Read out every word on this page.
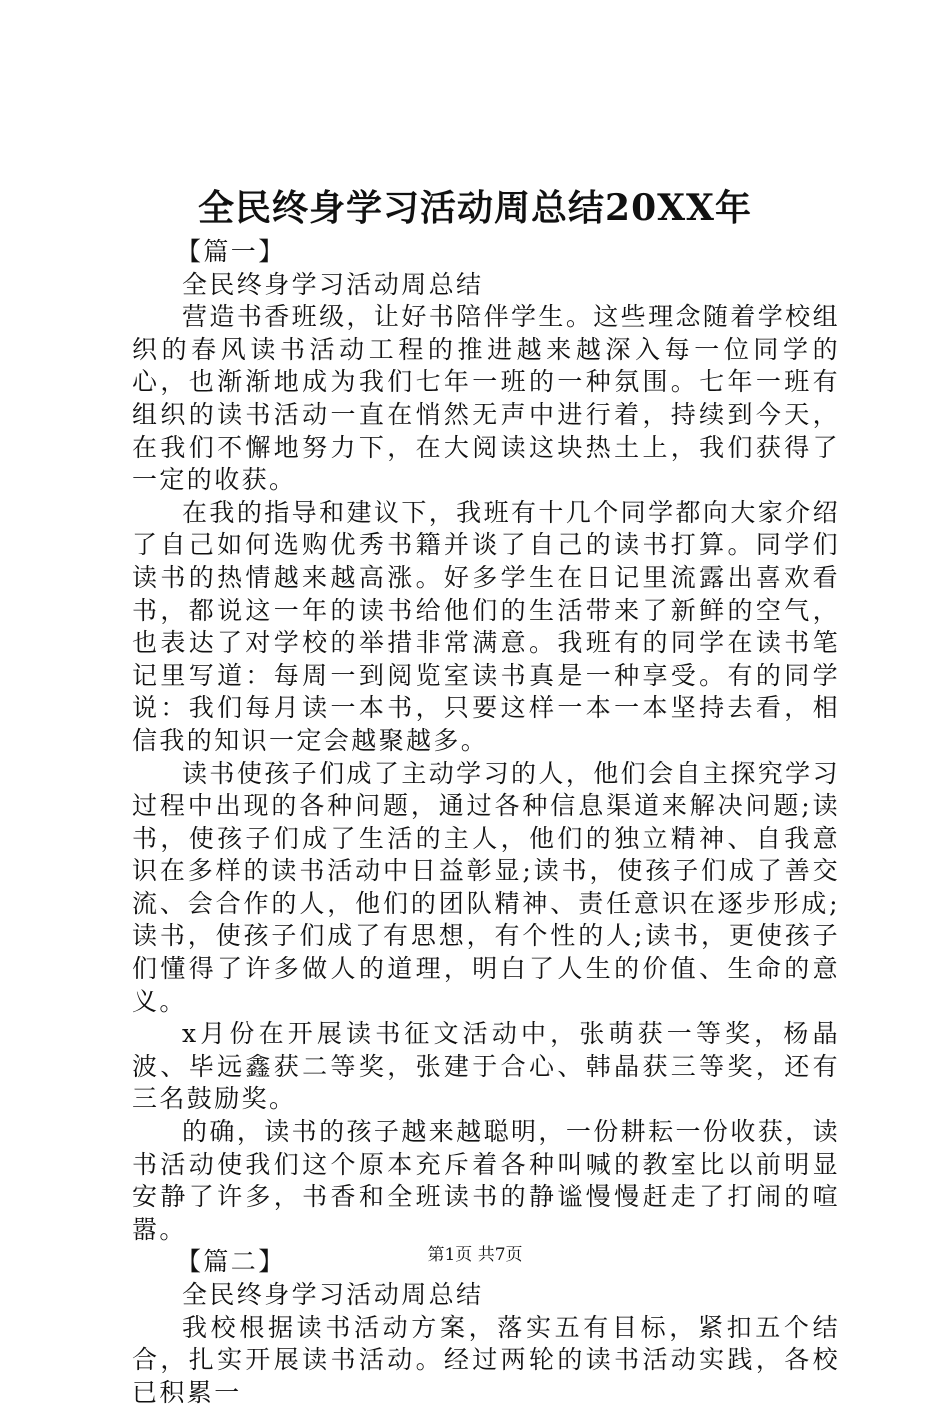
全民终身学习活动周总结20XX年

【篇一】

全民终身学习活动周总结

营造书香班级，让好书陪伴学生。这些理念随着学校组织的春风读书活动工程的推进越来越深入每一位同学的心，也渐渐地成为我们七年一班的一种氛围。七年一班有组织的读书活动一直在悄然无声中进行着，持续到今天，在我们不懈地努力下，在大阅读这块热土上，我们获得了一定的收获。

在我的指导和建议下，我班有十几个同学都向大家介绍了自己如何选购优秀书籍并谈了自己的读书打算。同学们读书的热情越来越高涨。好多学生在日记里流露出喜欢看书，都说这一年的读书给他们的生活带来了新鲜的空气，也表达了对学校的举措非常满意。我班有的同学在读书笔记里写道：每周一到阅览室读书真是一种享受。有的同学说：我们每月读一本书，只要这样一本一本坚持去看，相信我的知识一定会越聚越多。

读书使孩子们成了主动学习的人，他们会自主探究学习过程中出现的各种问题，通过各种信息渠道来解决问题;读书，使孩子们成了生活的主人，他们的独立精神、自我意识在多样的读书活动中日益彰显;读书，使孩子们成了善交流、会合作的人，他们的团队精神、责任意识在逐步形成;读书，使孩子们成了有思想，有个性的人;读书，更使孩子们懂得了许多做人的道理，明白了人生的价值、生命的意义。

x月份在开展读书征文活动中，张萌获一等奖，杨晶波、毕远鑫获二等奖，张建于合心、韩晶获三等奖，还有三名鼓励奖。

的确，读书的孩子越来越聪明，一份耕耘一份收获，读书活动使我们这个原本充斥着各种叫喊的教室比以前明显安静了许多，书香和全班读书的静谧慢慢赶走了打闹的喧嚣。

【篇二】

全民终身学习活动周总结

我校根据读书活动方案，落实五有目标，紧扣五个结合，扎实开展读书活动。经过两轮的读书活动实践，各校已积累一

第1页 共7页
